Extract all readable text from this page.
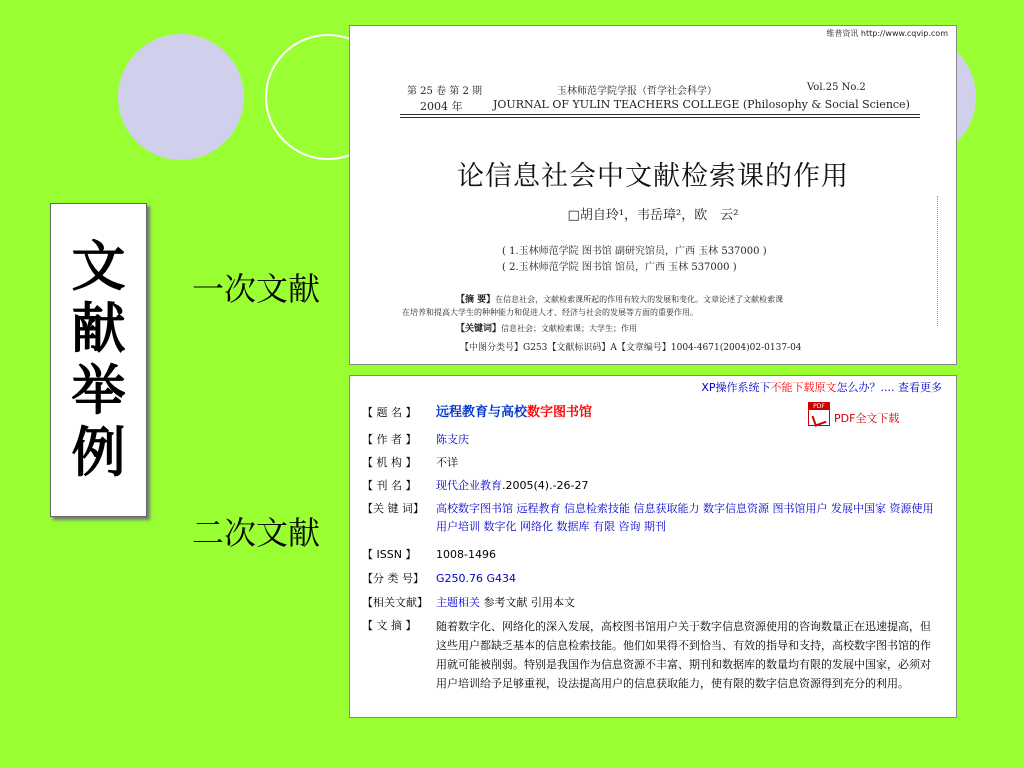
文
献
举
例
一次文献
二次文献
维普资讯 http://www.cqvip.com
第 25 卷 第 2 期	玉林师范学院学报（哲学社会科学）	Vol.25 No.2
2004 年	JOURNAL OF YULIN TEACHERS COLLEGE (Philosophy & Social Science)
论信息社会中文献检索课的作用
□胡自玲¹，韦岳璋²，欧　云²
( 1.玉林师范学院 图书馆 副研究馆员，广西 玉林 537000 )
( 2.玉林师范学院 图书馆 馆员，广西 玉林 537000 )
【摘 要】在信息社会，文献检索课所起的作用有较大的发展和变化。文章论述了文献检索课
在培养和提高大学生的种种能力和促进人才、经济与社会的发展等方面的重要作用。
【关键词】信息社会；文献检索课；大学生；作用
【中图分类号】G253【文献标识码】A【文章编号】1004-4671(2004)02-0137-04
XP操作系统下不能下载原文怎么办？.... 查看更多
PDF
PDF全文下载
【 题 名 】	远程教育与高校数字图书馆
【 作 者 】	陈支庆
【 机 构 】	不详
【 刊 名 】	现代企业教育.2005(4).-26-27
【关 键 词】	高校数字图书馆 远程教育 信息检索技能 信息获取能力 数字信息资源 图书馆用户 发展中国家 资源使用 用户培训 数字化 网络化 数据库 有限 咨询 期刊
【 ISSN 】	1008-1496
【分 类 号】	G250.76 G434
【相关文献】 主题相关 参考文献 引用本文
【 文 摘 】	随着数字化、网络化的深入发展，高校图书馆用户关于数字信息资源使用的咨询数量正在迅速提高，但这些用户都缺乏基本的信息检索技能。他们如果得不到恰当、有效的指导和支持，高校数字图书馆的作用就可能被削弱。特别是我国作为信息资源不丰富、期刊和数据库的数量均有限的发展中国家，必须对用户培训给予足够重视，设法提高用户的信息获取能力，使有限的数字信息资源得到充分的利用。
